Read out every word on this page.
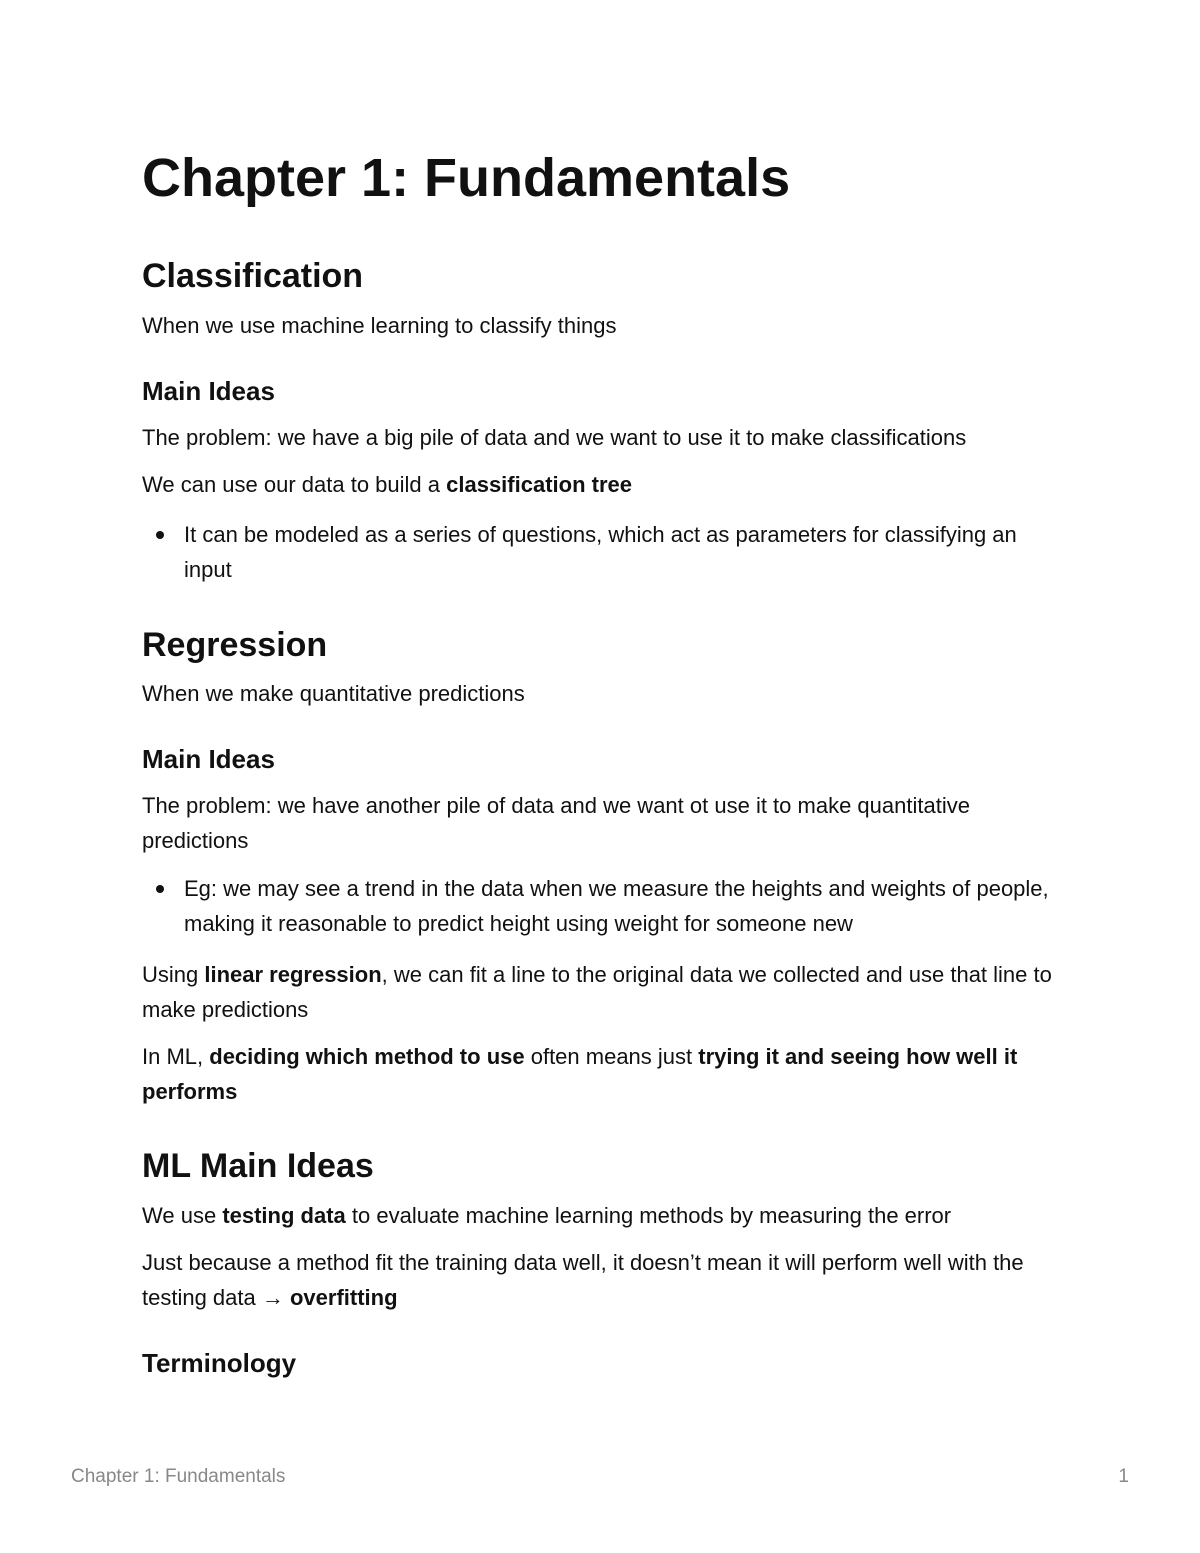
Chapter 1: Fundamentals
Classification

When we use machine learning to classify things

Main Ideas

The problem: we have a big pile of data and we want to use it to make classifications

We can use our data to build a classification tree

It can be modeled as a series of questions, which act as parameters for classifying an input
Regression

When we make quantitative predictions

Main Ideas

The problem: we have another pile of data and we want ot use it to make quantitative predictions

Eg: we may see a trend in the data when we measure the heights and weights of people, making it reasonable to predict height using weight for someone new

Using linear regression, we can fit a line to the original data we collected and use that line to make predictions

In ML, deciding which method to use often means just trying it and seeing how well it performs

ML Main Ideas

We use testing data to evaluate machine learning methods by measuring the error

Just because a method fit the training data well, it doesn’t mean it will perform well with the testing data → overfitting

Terminology
Chapter 1: Fundamentals	1
